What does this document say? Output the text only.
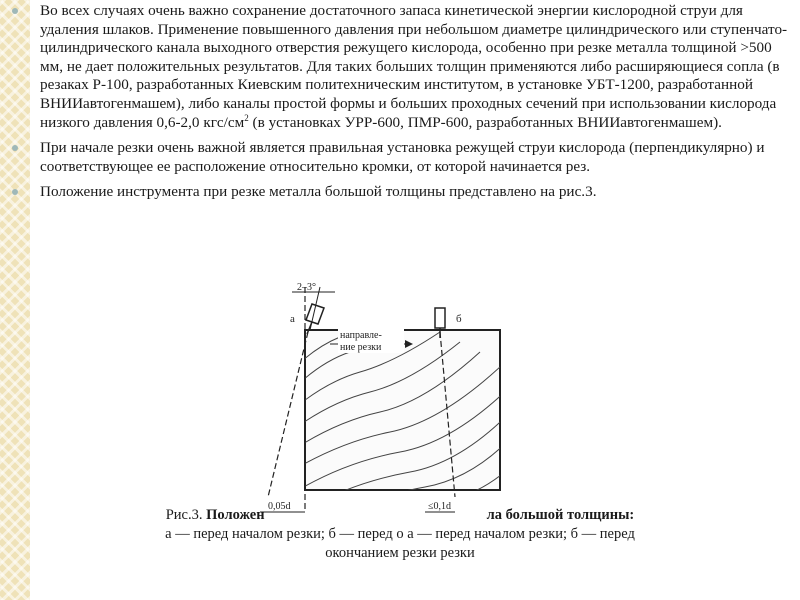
Во всех случаях очень важно сохранение достаточного запаса кинетической энергии кислородной струи для удаления шлаков. Применение повышенного давления при небольшом диаметре цилиндрического или ступенчато-цилиндрического канала выходного отверстия режущего кислорода, особенно при резке металла толщиной >500 мм, не дает положительных результатов. Для таких больших толщин применяются либо расширяющиеся сопла (в резаках Р-100, разработанных Киевским политехническим институтом, в установке УБТ-1200, разработанной ВНИИавтогенмашем), либо каналы простой формы и больших проходных сечений при использовании кислорода низкого давления 0,6-2,0 кгс/$см^2$ (в установках УРР-600, ПМР-600, разработанных ВНИИавтогенмашем).
При начале резки очень важной является правильная установка режущей струи кислорода (перпендикулярно) и соответствующее ее расположение относительно кромки, от которой начинается рез.
Положение инструмента при резке металла большой толщины представлено на рис.3.
2–3°
а	б
направле-
ние резки
0,05d	≤0,1d
Рис.3. Положен	ла большой толщины:
а — перед началом резки; б — перед о а — перед началом резки; б — перед
окончанием резки резки
